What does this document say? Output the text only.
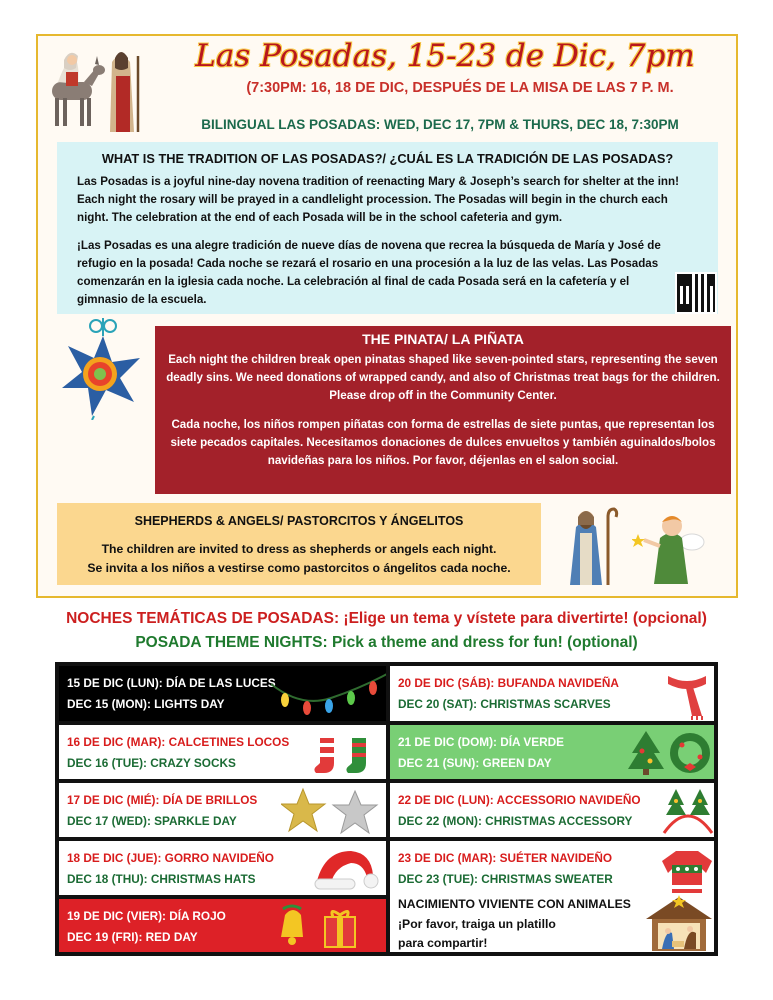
Las Posadas, 15-23 de Dic, 7pm
(7:30PM: 16, 18 DE DIC, DESPUÉS DE LA MISA DE LAS 7 P. M.
BILINGUAL LAS POSADAS: WED, DEC 17, 7PM & THURS, DEC 18, 7:30PM
WHAT IS THE TRADITION OF LAS POSADAS?/ ¿CUÁL ES LA TRADICIÓN DE LAS POSADAS?

Las Posadas is a joyful nine-day novena tradition of reenacting Mary & Joseph’s search for shelter at the inn! Each night the rosary will be prayed in a candlelight procession. The Posadas will begin in the church each night. The celebration at the end of each Posada will be in the school cafeteria and gym.

¡Las Posadas es una alegre tradición de nueve días de novena que recrea la búsqueda de María y José de refugio en la posada! Cada noche se rezará el rosario en una procesión a la luz de las velas. Las Posadas comenzarán en la iglesia cada noche. La celebración al final de cada Posada será en la cafetería y el gimnasio de la escuela.

THE PINATA/ LA PIÑATA

Each night the children break open pinatas shaped like seven-pointed stars, representing the seven deadly sins. We need donations of wrapped candy, and also of Christmas treat bags for the children. Please drop off in the Community Center.

Cada noche, los niños rompen piñatas con forma de estrellas de siete puntas, que representan los siete pecados capitales. Necesitamos donaciones de dulces envueltos y también aguinaldos/bolos navideñas para los niños. Por favor, déjenlas en el salon social.

SHEPHERDS & ANGELS/ PASTORCITOS Y ÁNGELITOS
The children are invited to dress as shepherds or angels each night.
Se invita a los niños a vestirse como pastorcitos o ángelitos cada noche.
NOCHES TEMÁTICAS DE POSADAS: ¡Elige un tema y vístete para divertirte! (opcional)
POSADA THEME NIGHTS: Pick a theme and dress for fun! (optional)
15 DE DIC (LUN): DÍA DE LAS LUCES
DEC 15 (MON): LIGHTS DAY
16 DE DIC (MAR): CALCETINES LOCOS
DEC 16 (TUE): CRAZY SOCKS
17 DE DIC (MIÉ): DÍA DE BRILLOS
DEC 17 (WED): SPARKLE DAY
18 DE DIC (JUE): GORRO NAVIDEÑO
DEC 18 (THU): CHRISTMAS HATS
19 DE DIC (VIER): DÍA ROJO
DEC 19 (FRI): RED DAY
20 DE DIC (SÁB): BUFANDA NAVIDEÑA
DEC 20 (SAT): CHRISTMAS SCARVES
21 DE DIC (DOM): DÍA VERDE
DEC 21 (SUN): GREEN DAY
22 DE DIC (LUN): ACCESSORIO NAVIDEÑO
DEC 22 (MON): CHRISTMAS ACCESSORY
23 DE DIC (MAR): SUÉTER NAVIDEÑO
DEC 23 (TUE): CHRISTMAS SWEATER
NACIMIENTO VIVIENTE CON ANIMALES
¡Por favor, traiga un platillo
para compartir!
